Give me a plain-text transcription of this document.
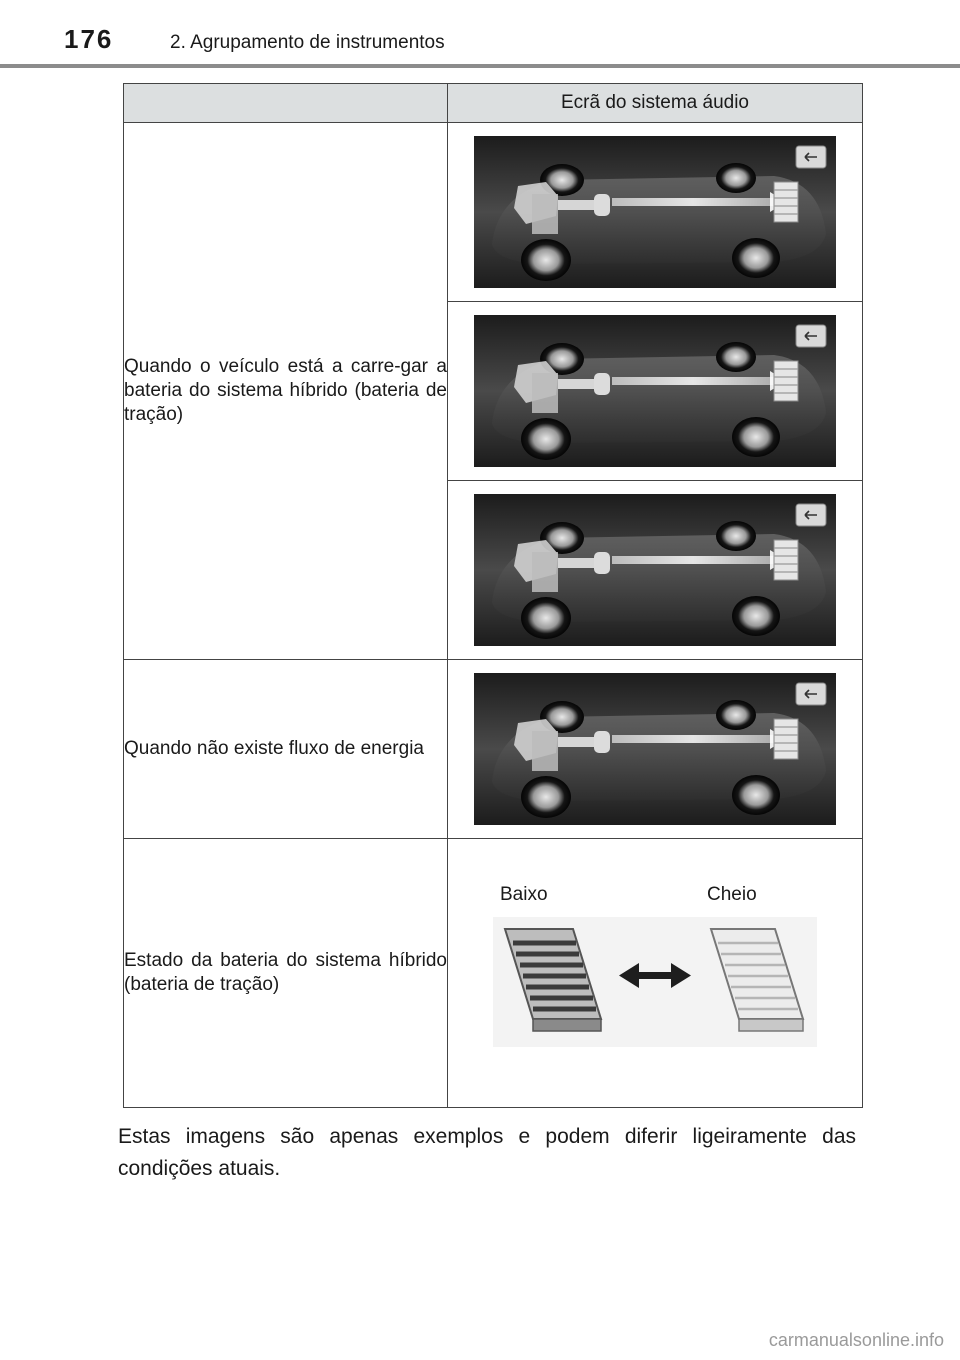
176	2. Agrupamento de instrumentos
	Ecrã do sistema áudio
Quando o veículo está a carre-gar a bateria do sistema híbrido (bateria de tração)	

Quando não existe fluxo de energia	

Estado da bateria do sistema híbrido (bateria de tração)	Baixo Cheio
Estas imagens são apenas exemplos e podem diferir ligeiramente das condições atuais.
carmanualsonline.info
